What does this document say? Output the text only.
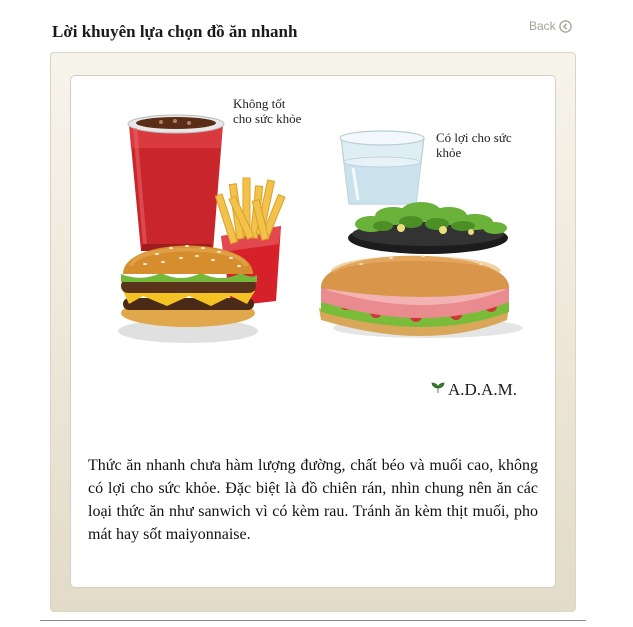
Lời khuyên lựa chọn đồ ăn nhanh	Back
Không tốt cho sức khỏe
Có lợi cho sức khỏe
A.D.A.M.
Thức ăn nhanh chưa hàm lượng đường, chất béo và muối cao, không có lợi cho sức khỏe. Đặc biệt là đồ chiên rán, nhìn chung nên ăn các loại thức ăn như sanwich vì có kèm rau. Tránh ăn kèm thịt muối, pho mát hay sốt maiyonnaise.
